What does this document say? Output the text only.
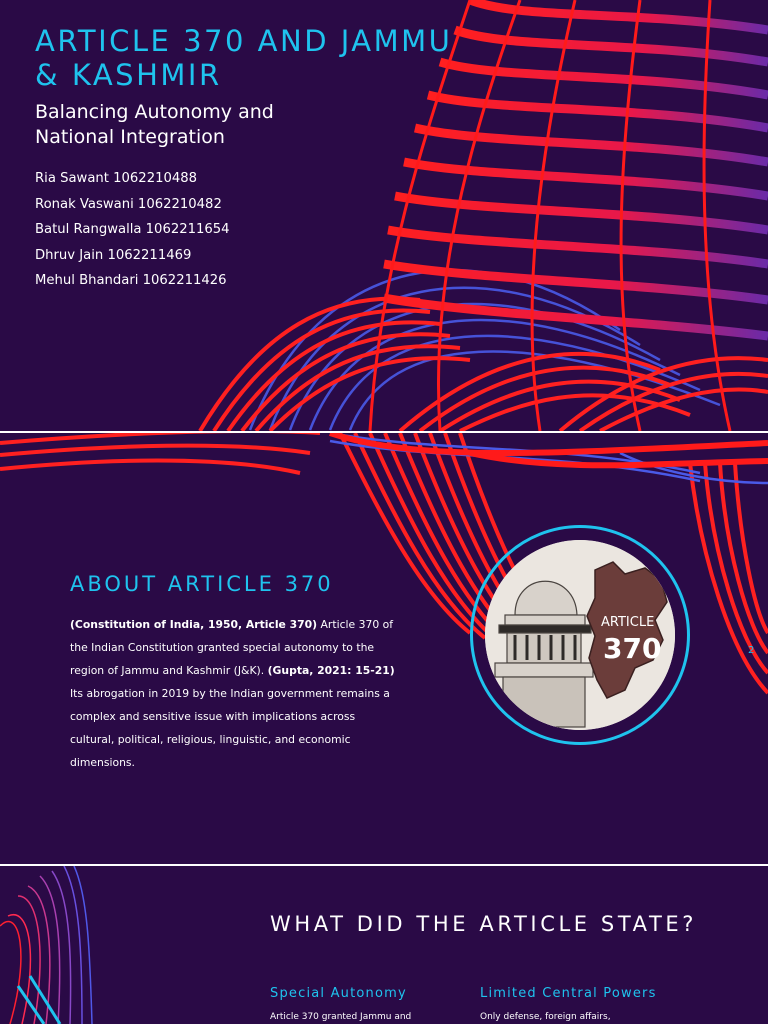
ARTICLE 370 AND JAMMU & KASHMIR

Balancing Autonomy and National Integration

Ria Sawant 1062210488
Ronak Vaswani 1062210482
Batul Rangwalla 1062211654
Dhruv Jain 1062211469
Mehul Bhandari 1062211426
ABOUT ARTICLE 370

(Constitution of India, 1950, Article 370) Article 370 of the Indian Constitution granted special autonomy to the region of Jammu and Kashmir (J&K). (Gupta, 2021: 15-21) Its abrogation in 2019 by the Indian government remains a complex and sensitive issue with implications across cultural, political, religious, linguistic, and economic dimensions.

ARTICLE
370	2
WHAT DID THE ARTICLE STATE?
Special Autonomy

Article 370 granted Jammu and

Limited Central Powers

Only defense, foreign affairs,
